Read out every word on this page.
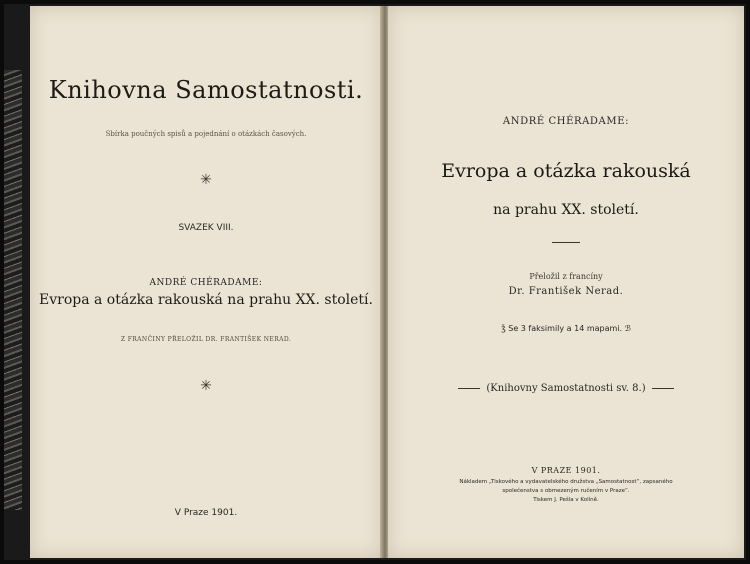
Knihovna Samostatnosti.
Sbírka poučných spisů a pojednání o otázkách časových.
✳
SVAZEK VIII.
ANDRÉ CHÉRADAME:
Evropa a otázka rakouská na prahu XX. století.
Z FRANČINY PŘELOŽIL DR. FRANTIŠEK NERAD.
✳
V Praze 1901.
ANDRÉ CHÉRADAME:
Evropa a otázka rakouská
na prahu XX. století.
Přeložil z francíny
Dr. František Nerad.
ǯ Se 3 faksimily a 14 mapami. ℬ
(Knihovny Samostatnosti sv. 8.)
V PRAZE 1901.
Nákladem „Tiskového a vydavatelského družstva „Samostatnost“, zapsaného
společenstva s obmezeným ručením v Praze“.
Tiskem J. Pešla v Kolíně.
